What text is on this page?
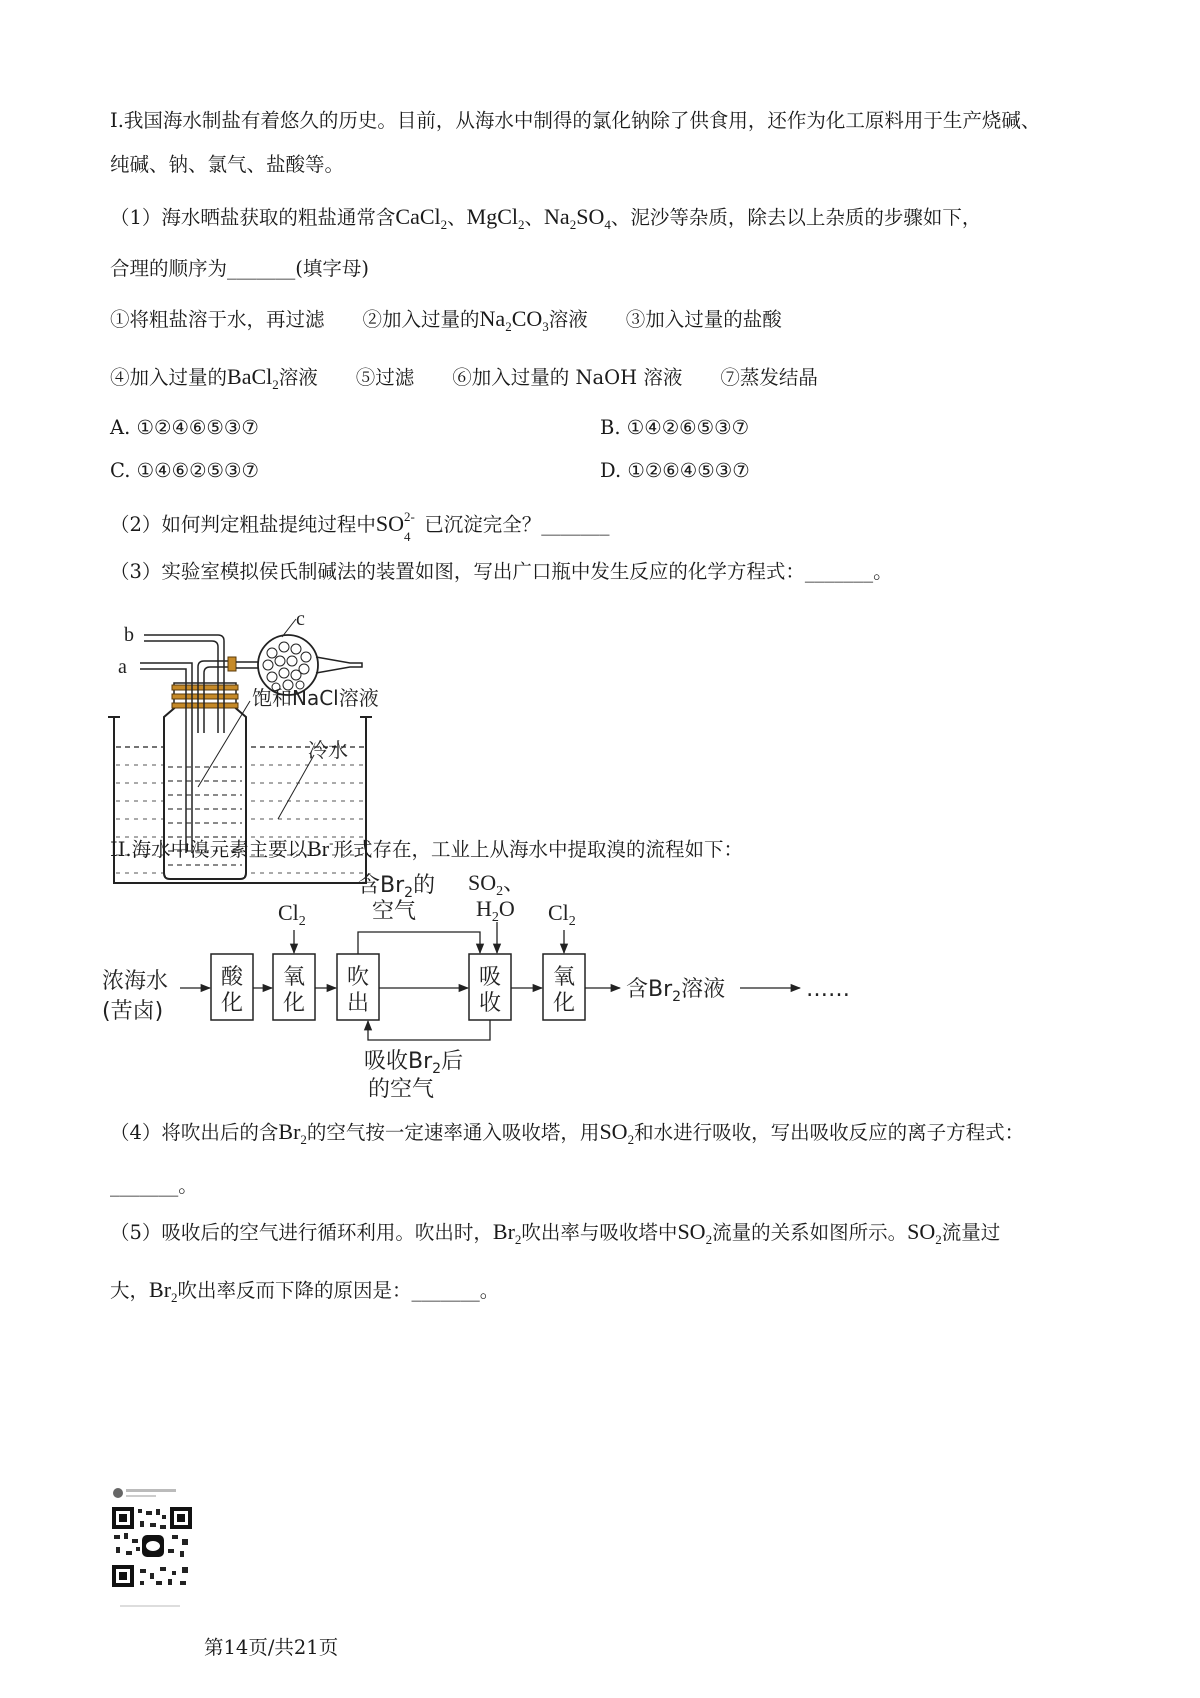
I.我国海水制盐有着悠久的历史。目前，从海水中制得的氯化钠除了供食用，还作为化工原料用于生产烧碱、
纯碱、钠、氯气、盐酸等。
（1）海水晒盐获取的粗盐通常含CaCl$_2$、MgCl$_2$、$Na_2SO_4$、泥沙等杂质，除去以上杂质的步骤如下，
合理的顺序为_______(填字母)
①将粗盐溶于水，再过滤 ②加入过量的$Na_2CO_3$溶液 ③加入过量的盐酸
④加入过量的BaCl$_2$溶液 ⑤过滤 ⑥加入过量的 NaOH 溶液 ⑦蒸发结晶
A. ①②④⑥⑤③⑦	B. ①④②⑥⑤③⑦
C. ①④⑥②⑤③⑦	D. ①②⑥④⑤③⑦
（2）如何判定粗盐提纯过程中SO 2-
4
已沉淀完全？_______
（3）实验室模拟侯氏制碱法的装置如图，写出广口瓶中发生反应的化学方程式：_______。
b
a
c
饱和NaCl溶液
冷水
II.海水中溴元素主要以Br-形式存在，工业上从海水中提取溴的流程如下：
浓海水
(苦卤)
酸
化
氧
化
吹
出
吸
收
氧
化
$Cl_2$	$Cl_2$
含$Br_2$的
空气
$SO_2$、
$H_2O$
吸收$Br_2$后
的空气
含$Br_2$溶液	……
（4）将吹出后的含$Br_2$的空气按一定速率通入吸收塔，用$SO_2$和水进行吸收，写出吸收反应的离子方程式：
_______。
（5）吸收后的空气进行循环利用。吹出时，$Br_2$吹出率与吸收塔中$SO_2$流量的关系如图所示。$SO_2$流量过
大，$Br_2$吹出率反而下降的原因是：_______。
第14页/共21页
